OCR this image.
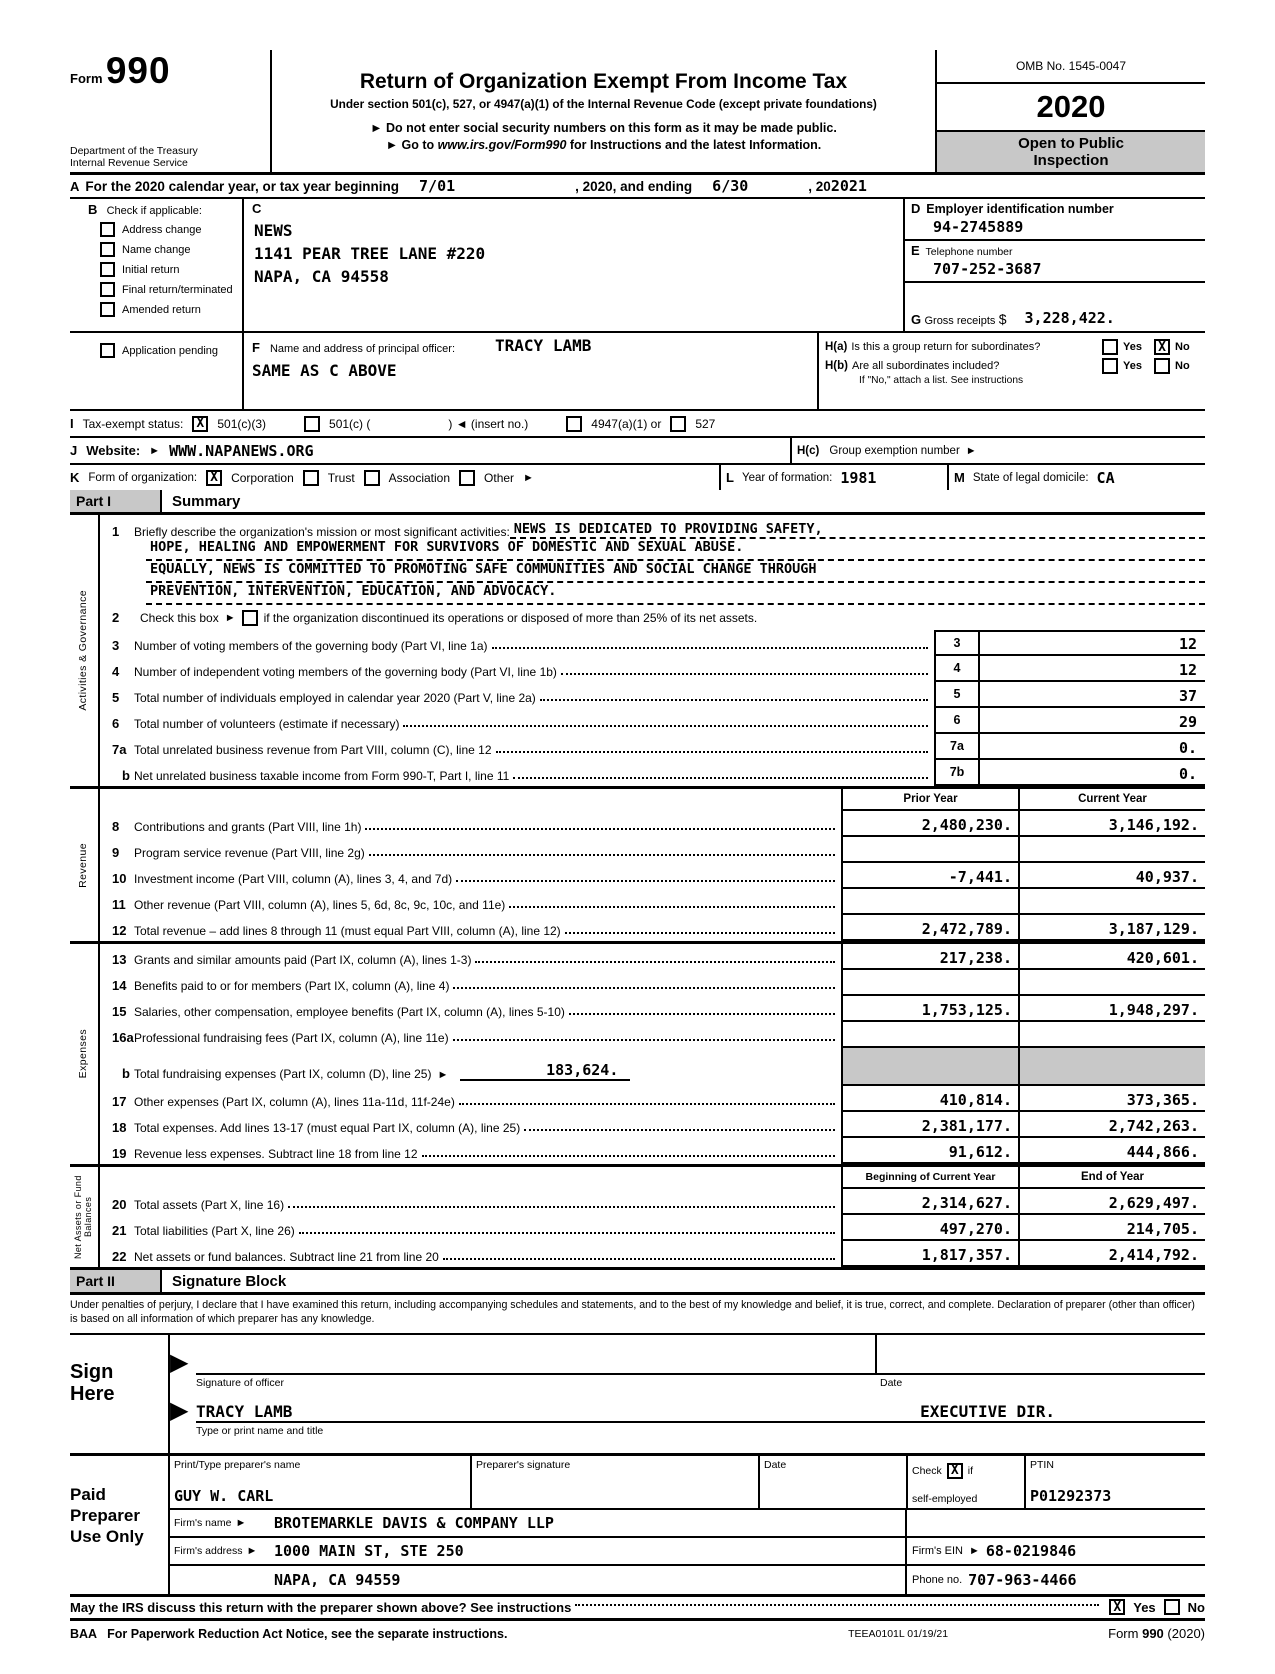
Form 990
Department of the Treasury
Internal Revenue Service
Return of Organization Exempt From Income Tax
Under section 501(c), 527, or 4947(a)(1) of the Internal Revenue Code (except private foundations)
► Do not enter social security numbers on this form as it may be made public.
► Go to www.irs.gov/Form990 for Instructions and the latest Information.
OMB No. 1545-0047
2020
Open to Public
Inspection
A For the 2020 calendar year, or tax year beginning 7/01	, 2020, and ending 6/30	, 20 2021
B Check if applicable:
Address change
Name change
Initial return
Final return/terminated
Amended return
C
NEWS
1141 PEAR TREE LANE #220
NAPA, CA 94558
D Employer identification number
94-2745889
E Telephone number
707-252-3687
G
Gross receipts
$ 3,228,422.
Application pending	F Name and address of principal officer:	TRACY LAMB
SAME AS C ABOVE
H(a) Is this a group return for subordinates?	Yes	X No
H(b) Are all subordinates included?	Yes	No
If "No," attach a list. See instructions
I Tax-exempt status:	X	501(c)(3)	501(c) (	) ◄ (insert no.)	4947(a)(1) or	527
J Website: ► WWW.NAPANEWS.ORG	H(c) Group exemption number ►
K Form of organization:	X	Corporation	Trust	Association	Other ►	L Year of formation: 1981	M State of legal domicile: CA
Part I	Summary
Activities & Governance
1	Briefly describe the organization's mission or most significant activities: NEWS IS DEDICATED TO PROVIDING SAFETY,
HOPE, HEALING AND EMPOWERMENT FOR SURVIVORS OF DOMESTIC AND SEXUAL ABUSE.
EQUALLY, NEWS IS COMMITTED TO PROMOTING SAFE COMMUNITIES AND SOCIAL CHANGE THROUGH
PREVENTION, INTERVENTION, EDUCATION, AND ADVOCACY.
2	Check this box ► if the organization discontinued its operations or disposed of more than 25% of its net assets.
3	Number of voting members of the governing body (Part VI, line 1a)	3	12
4	Number of independent voting members of the governing body (Part VI, line 1b)	4	12
5	Total number of individuals employed in calendar year 2020 (Part V, line 2a)	5	37
6	Total number of volunteers (estimate if necessary)	6	29
7a Total unrelated business revenue from Part VIII, column (C), line 12	7a	0.
b Net unrelated business taxable income from Form 990-T, Part I, line 11	7b	0.
Revenue
Prior Year	Current Year
8	Contributions and grants (Part VIII, line 1h)	2,480,230.	3,146,192.
9	Program service revenue (Part VIII, line 2g)
10 Investment income (Part VIII, column (A), lines 3, 4, and 7d)	-7,441.	40,937.
11 Other revenue (Part VIII, column (A), lines 5, 6d, 8c, 9c, 10c, and 11e)
12 Total revenue – add lines 8 through 11 (must equal Part VIII, column (A), line 12)	2,472,789.	3,187,129.
Expenses
13 Grants and similar amounts paid (Part IX, column (A), lines 1-3)	217,238.	420,601.
14 Benefits paid to or for members (Part IX, column (A), line 4)
15 Salaries, other compensation, employee benefits (Part IX, column (A), lines 5-10)	1,753,125.	1,948,297.
16a Professional fundraising fees (Part IX, column (A), line 11e)
b Total fundraising expenses (Part IX, column (D), line 25) ►	183,624.
17 Other expenses (Part IX, column (A), lines 11a-11d, 11f-24e)	410,814.	373,365.
18 Total expenses. Add lines 13-17 (must equal Part IX, column (A), line 25)	2,381,177.	2,742,263.
19 Revenue less expenses. Subtract line 18 from line 12	91,612.	444,866.
Net Assets or Fund Balances
Beginning of Current Year	End of Year
20 Total assets (Part X, line 16)	2,314,627.	2,629,497.
21 Total liabilities (Part X, line 26)	497,270.	214,705.
22 Net assets or fund balances. Subtract line 21 from line 20	1,817,357.	2,414,792.
Part II	Signature Block
Under penalties of perjury, I declare that I have examined this return, including accompanying schedules and statements, and to the best of my knowledge and belief, it is true, correct, and complete. Declaration of preparer (other than officer) is based on all information of which preparer has any knowledge.
Sign
Here
▶
Signature of officer	Date
▶ TRACY LAMB	EXECUTIVE DIR.
Type or print name and title
Paid
Preparer
Use Only
Print/Type preparer's name
GUY W. CARL
Preparer's signature	Date	Check X if
self-employed
PTIN
P01292373
Firm's name ► BROTEMARKLE DAVIS & COMPANY LLP
Firm's address ► 1000 MAIN ST, STE 250	Firm's EIN ► 68-0219846
NAPA, CA 94559	Phone no. 707-963-4466
May the IRS discuss this return with the preparer shown above? See instructions	X Yes No
BAA For Paperwork Reduction Act Notice, see the separate instructions.	TEEA0101L 01/19/21	Form 990 (2020)
